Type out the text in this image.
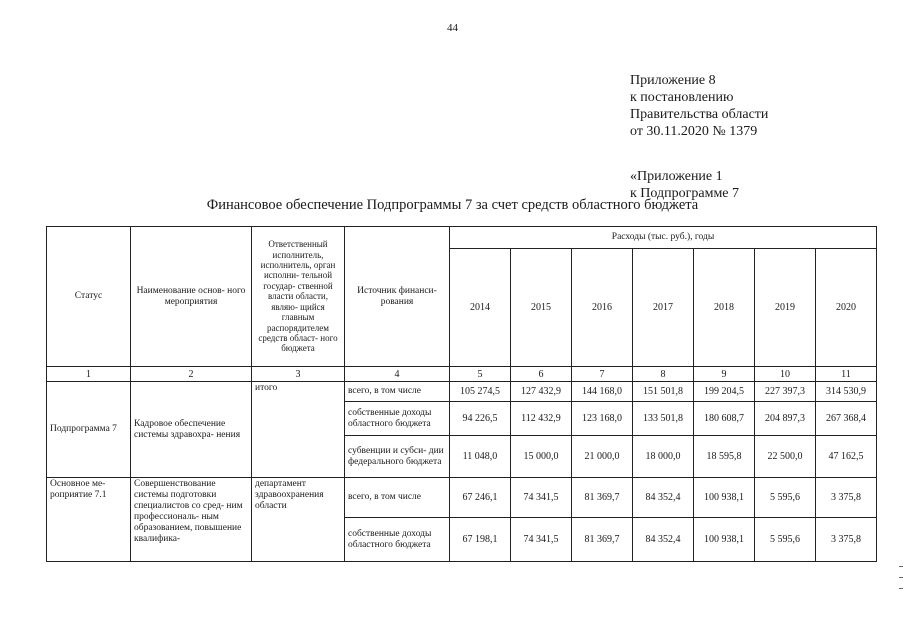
44
Приложение 8
к постановлению
Правительства области
от 30.11.2020 № 1379
«Приложение 1
к Подпрограмме 7
Финансовое обеспечение Подпрограммы 7 за счет средств областного бюджета
Статус	Наименование основ- ного мероприятия	Ответственный исполнитель, исполнитель, орган исполни- тельной государ- ственной власти области, являю- щийся главным распорядителем средств област- ного бюджета	Источник финанси- рования	Расходы (тыс. руб.), годы						
				2014	2015	2016	2017	2018	2019	2020
1	2	3	4	5	6	7	8	9	10	11
Подпрограмма 7	Кадровое обеспечение системы здравохра- нения	итого	всего, в том числе	105 274,5	127 432,9	144 168,0	151 501,8	199 204,5	227 397,3	314 530,9
			собственные доходы областного бюджета	94 226,5	112 432,9	123 168,0	133 501,8	180 608,7	204 897,3	267 368,4
			субвенции и субси- дии федерального бюджета	11 048,0	15 000,0	21 000,0	18 000,0	18 595,8	22 500,0	47 162,5
Основное ме- роприятие 7.1	Совершенствование системы подготовки специалистов со сред- ним профессиональ- ным образованием, повышение квалифика-	департамент здравоохранения области	всего, в том числе	67 246,1	74 341,5	81 369,7	84 352,4	100 938,1	5 595,6	3 375,8
			собственные доходы областного бюджета	67 198,1	74 341,5	81 369,7	84 352,4	100 938,1	5 595,6	3 375,8
